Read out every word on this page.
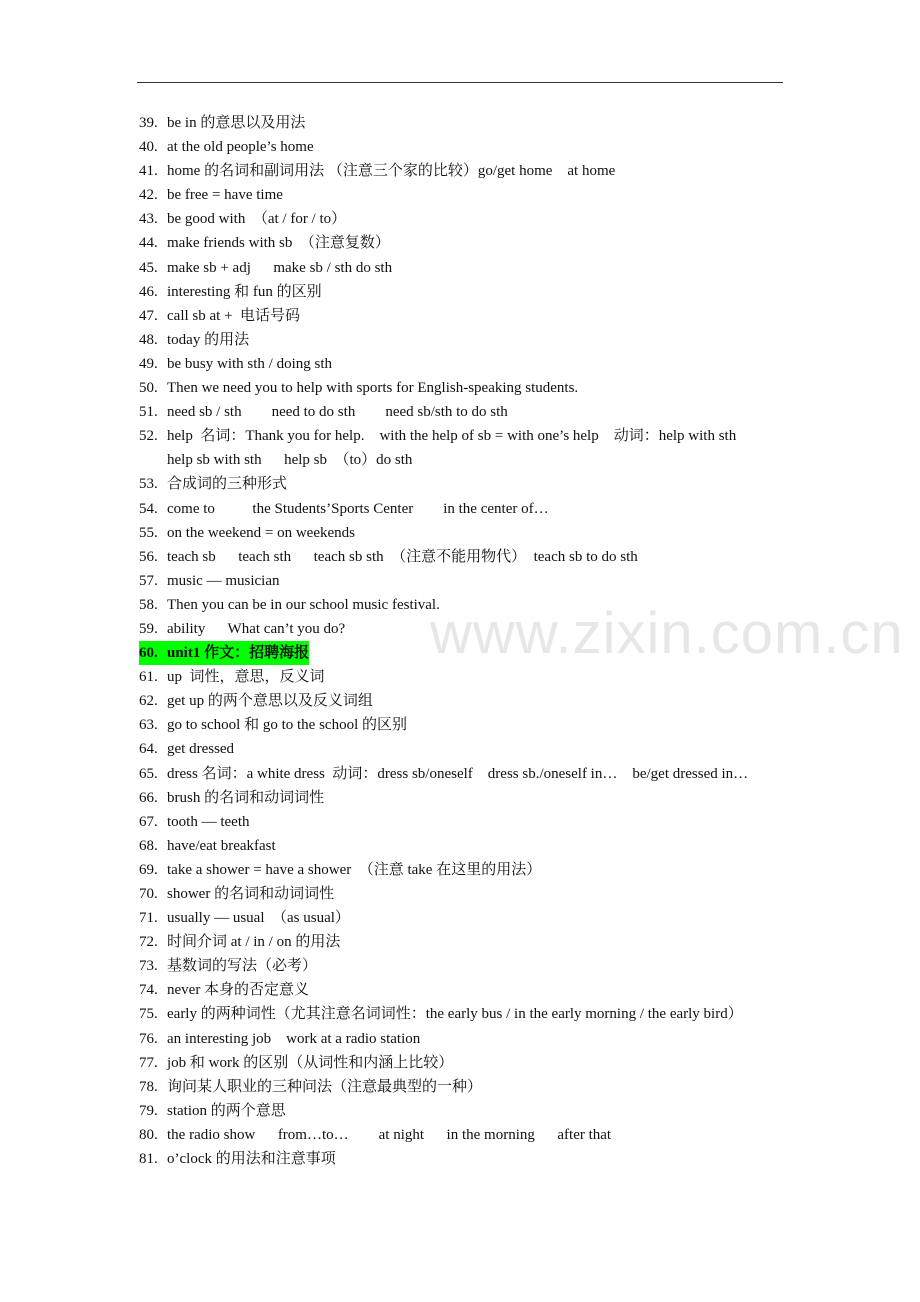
39. be in 的意思以及用法
40. at the old people’s home
41. home 的名词和副词用法 （注意三个家的比较）go/get home    at home
42. be free = have time
43. be good with  （at / for / to）
44. make friends with sb  （注意复数）
45. make sb + adj      make sb / sth do sth
46. interesting 和 fun 的区别
47. call sb at +  电话号码
48. today 的用法
49. be busy with sth / doing sth
50. Then we need you to help with sports for English-speaking students.
51. need sb / sth        need to do sth        need sb/sth to do sth
52. help  名词：Thank you for help.    with the help of sb = with one’s help    动词：help with sth
help sb with sth      help sb  （to）do sth
53. 合成词的三种形式
54. come to          the Students’Sports Center        in the center of…
55. on the weekend = on weekends
56. teach sb      teach sth      teach sb sth  （注意不能用物代）  teach sb to do sth
57. music — musician
58. Then you can be in our school music festival.
59. ability      What can’t you do?
60. unit1 作文：招聘海报
61. up  词性，意思，反义词
62. get up 的两个意思以及反义词组
63. go to school 和 go to the school 的区别
64. get dressed
65. dress 名词：a white dress  动词：dress sb/oneself    dress sb./oneself in…    be/get dressed in…
66. brush 的名词和动词词性
67. tooth — teeth
68. have/eat breakfast
69. take a shower = have a shower  （注意 take 在这里的用法）
70. shower 的名词和动词词性
71. usually — usual  （as usual）
72. 时间介词 at / in / on 的用法
73. 基数词的写法（必考）
74. never 本身的否定意义
75. early 的两种词性（尤其注意名词词性：the early bus / in the early morning / the early bird）
76. an interesting job    work at a radio station
77. job 和 work 的区别（从词性和内涵上比较）
78. 询问某人职业的三种问法（注意最典型的一种）
79. station 的两个意思
80. the radio show      from…to…        at night      in the morning      after that
81. o’clock 的用法和注意事项
www.zixin.com.cn
